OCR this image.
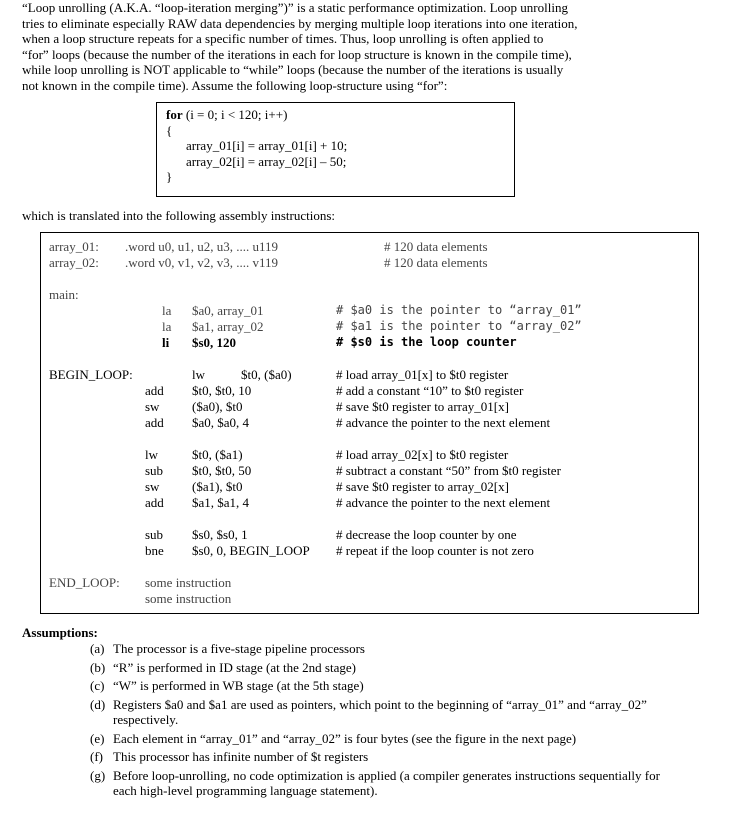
“Loop unrolling (A.K.A. “loop-iteration merging”)” is a static performance optimization. Loop unrolling
tries to eliminate especially RAW data dependencies by merging multiple loop iterations into one iteration,
when a loop structure repeats for a specific number of times. Thus, loop unrolling is often applied to
“for” loops (because the number of the iterations in each for loop structure is known in the compile time),
while loop unrolling is NOT applicable to “while” loops (because the number of the iterations is usually
not known in the compile time). Assume the following loop-structure using “for”:
for (i = 0; i < 120; i++)
{
array_01[i] = array_01[i] + 10;
array_02[i] = array_02[i] – 50;
}
which is translated into the following assembly instructions:
array_01: .word u0, u1, u2, u3, .... u119	# 120 data elements
array_02: .word v0, v1, v2, v3, .... v119	# 120 data elements
main:
la $a0, array_01	# $a0 is the pointer to “array_01”
la $a1, array_02	# $a1 is the pointer to “array_02”
li $s0, 120	# $s0 is the loop counter
BEGIN_LOOP:	lw	$t0, ($a0)	# load array_01[x] to $t0 register
add $t0, $t0, 10	# add a constant “10” to $t0 register
sw	($a0), $t0	# save $t0 register to array_01[x]
add $a0, $a0, 4	# advance the pointer to the next element
lw	$t0, ($a1)	# load array_02[x] to $t0 register
sub $t0, $t0, 50	# subtract a constant “50” from $t0 register
sw	($a1), $t0	# save $t0 register to array_02[x]
add $a1, $a1, 4	# advance the pointer to the next element
sub $s0, $s0, 1	# decrease the loop counter by one
bne $s0, 0, BEGIN_LOOP # repeat if the loop counter is not zero
END_LOOP: some instruction
some instruction
Assumptions:
(a) The processor is a five-stage pipeline processors
(b) “R” is performed in ID stage (at the 2nd stage)
(c) “W” is performed in WB stage (at the 5th stage)
(d) Registers $a0 and $a1 are used as pointers, which point to the beginning of “array_01” and “array_02” respectively.
(e) Each element in “array_01” and “array_02” is four bytes (see the figure in the next page)
(f) This processor has infinite number of $t registers
(g) Before loop-unrolling, no code optimization is applied (a compiler generates instructions sequentially for each high-level programming language statement).
